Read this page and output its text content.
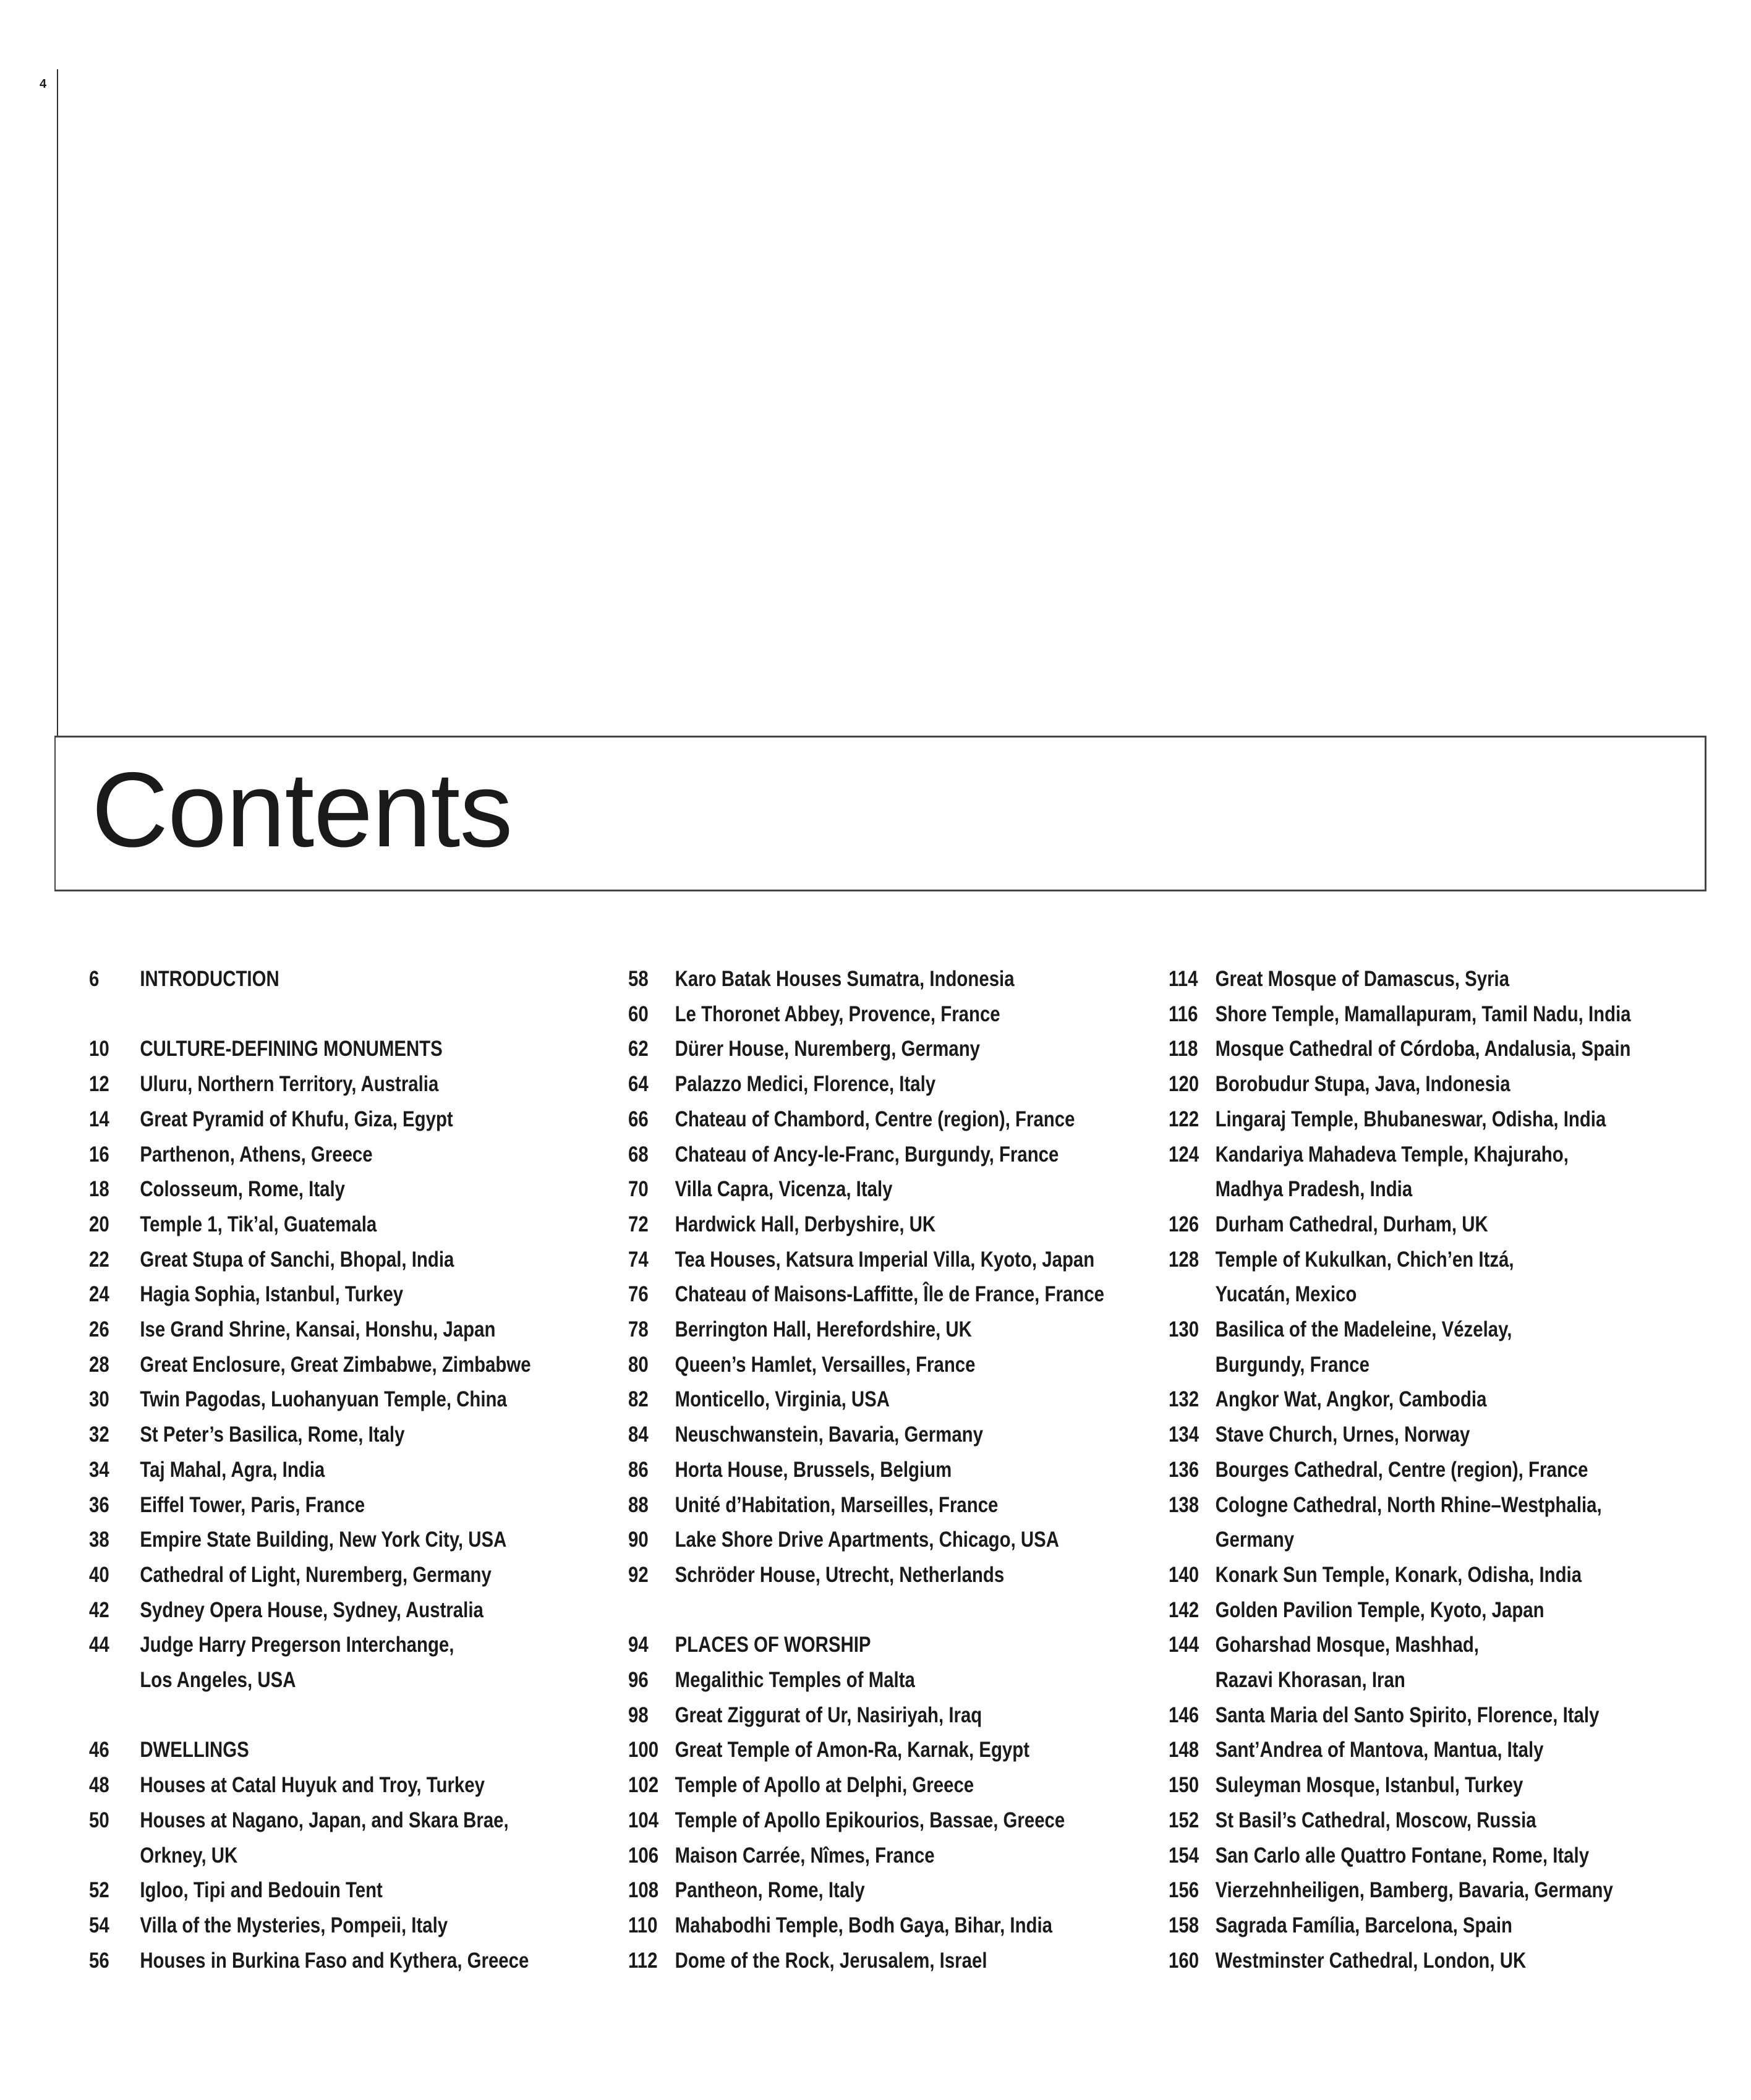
4
Contents
6	INTRODUCTION
10	CULTURE-DEFINING MONUMENTS
12	Uluru, Northern Territory, Australia
14	Great Pyramid of Khufu, Giza, Egypt
16	Parthenon, Athens, Greece
18	Colosseum, Rome, Italy
20	Temple 1, Tik’al, Guatemala
22	Great Stupa of Sanchi, Bhopal, India
24	Hagia Sophia, Istanbul, Turkey
26	Ise Grand Shrine, Kansai, Honshu, Japan
28	Great Enclosure, Great Zimbabwe, Zimbabwe
30	Twin Pagodas, Luohanyuan Temple, China
32	St Peter’s Basilica, Rome, Italy
34	Taj Mahal, Agra, India
36	Eiffel Tower, Paris, France
38	Empire State Building, New York City, USA
40	Cathedral of Light, Nuremberg, Germany
42	Sydney Opera House, Sydney, Australia
44	Judge Harry Pregerson Interchange,
Los Angeles, USA
46	DWELLINGS
48	Houses at Catal Huyuk and Troy, Turkey
50	Houses at Nagano, Japan, and Skara Brae,
Orkney, UK
52	Igloo, Tipi and Bedouin Tent
54	Villa of the Mysteries, Pompeii, Italy
56	Houses in Burkina Faso and Kythera, Greece
58	Karo Batak Houses Sumatra, Indonesia
60	Le Thoronet Abbey, Provence, France
62	Dürer House, Nuremberg, Germany
64	Palazzo Medici, Florence, Italy
66	Chateau of Chambord, Centre (region), France
68	Chateau of Ancy-le-Franc, Burgundy, France
70	Villa Capra, Vicenza, Italy
72	Hardwick Hall, Derbyshire, UK
74	Tea Houses, Katsura Imperial Villa, Kyoto, Japan
76	Chateau of Maisons-Laffitte, Île de France, France
78	Berrington Hall, Herefordshire, UK
80	Queen’s Hamlet, Versailles, France
82	Monticello, Virginia, USA
84	Neuschwanstein, Bavaria, Germany
86	Horta House, Brussels, Belgium
88	Unité d’Habitation, Marseilles, France
90	Lake Shore Drive Apartments, Chicago, USA
92	Schröder House, Utrecht, Netherlands
94	PLACES OF WORSHIP
96	Megalithic Temples of Malta
98	Great Ziggurat of Ur, Nasiriyah, Iraq
100 Great Temple of Amon-Ra, Karnak, Egypt
102 Temple of Apollo at Delphi, Greece
104 Temple of Apollo Epikourios, Bassae, Greece
106 Maison Carrée, Nîmes, France
108 Pantheon, Rome, Italy
110 Mahabodhi Temple, Bodh Gaya, Bihar, India
112 Dome of the Rock, Jerusalem, Israel
114 Great Mosque of Damascus, Syria
116 Shore Temple, Mamallapuram, Tamil Nadu, India
118 Mosque Cathedral of Córdoba, Andalusia, Spain
120 Borobudur Stupa, Java, Indonesia
122 Lingaraj Temple, Bhubaneswar, Odisha, India
124 Kandariya Mahadeva Temple, Khajuraho,
Madhya Pradesh, India
126 Durham Cathedral, Durham, UK
128 Temple of Kukulkan, Chich’en Itzá,
Yucatán, Mexico
130 Basilica of the Madeleine, Vézelay,
Burgundy, France
132 Angkor Wat, Angkor, Cambodia
134 Stave Church, Urnes, Norway
136 Bourges Cathedral, Centre (region), France
138 Cologne Cathedral, North Rhine–Westphalia,
Germany
140 Konark Sun Temple, Konark, Odisha, India
142 Golden Pavilion Temple, Kyoto, Japan
144 Goharshad Mosque, Mashhad,
Razavi Khorasan, Iran
146 Santa Maria del Santo Spirito, Florence, Italy
148 Sant’Andrea of Mantova, Mantua, Italy
150 Suleyman Mosque, Istanbul, Turkey
152 St Basil’s Cathedral, Moscow, Russia
154 San Carlo alle Quattro Fontane, Rome, Italy
156 Vierzehnheiligen, Bamberg, Bavaria, Germany
158 Sagrada Família, Barcelona, Spain
160 Westminster Cathedral, London, UK
